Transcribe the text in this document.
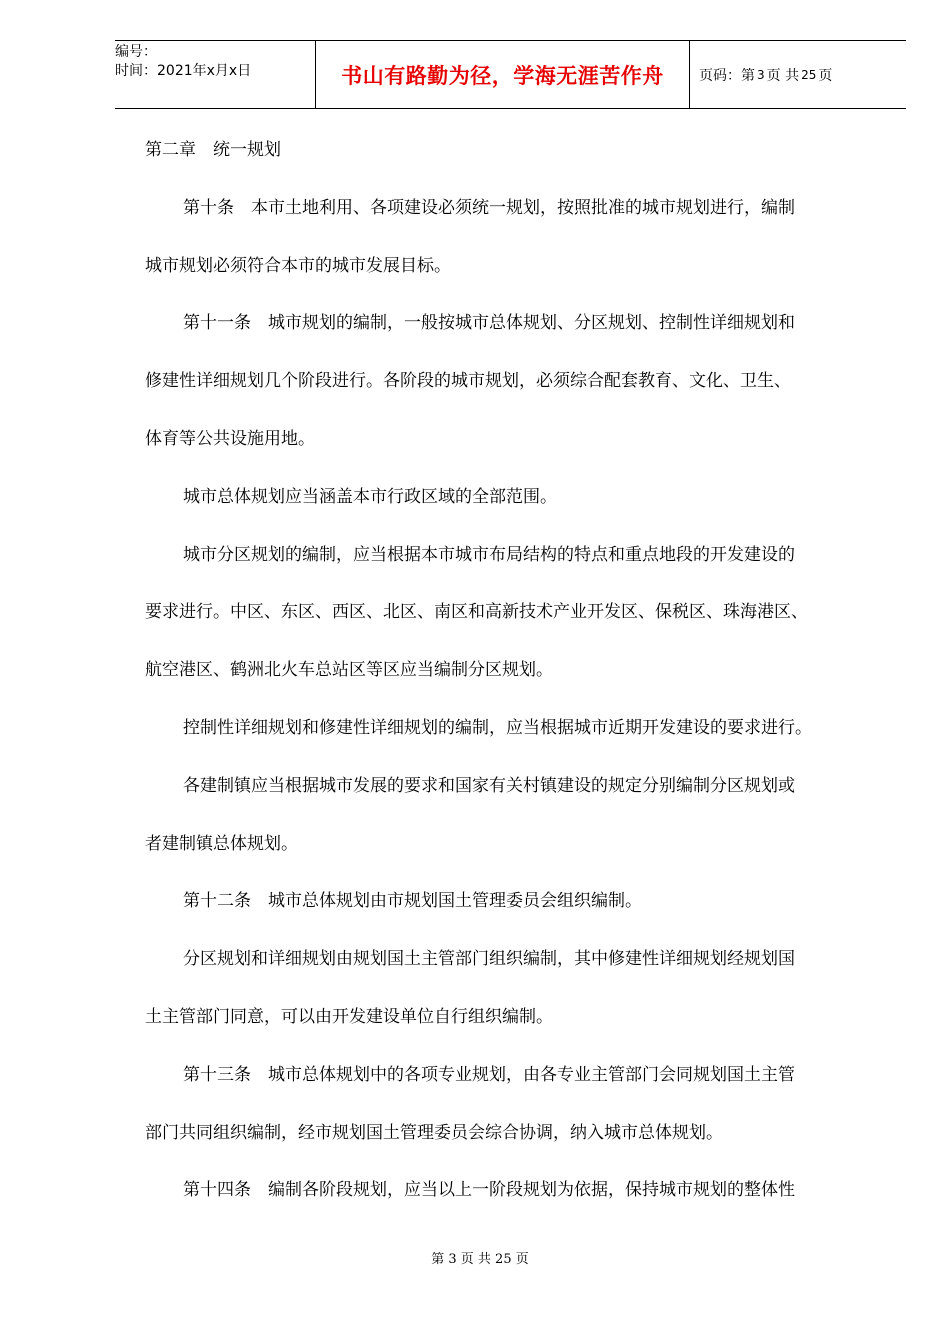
编号：
时间：2021年x月x日	书山有路勤为径，学海无涯苦作舟	页码：第 3 页 共 25 页

第二章　统一规划

第十条　本市土地利用、各项建设必须统一规划，按照批准的城市规划进行，编制

城市规划必须符合本市的城市发展目标。

第十一条　城市规划的编制，一般按城市总体规划、分区规划、控制性详细规划和

修建性详细规划几个阶段进行。各阶段的城市规划，必须综合配套教育、文化、卫生、

体育等公共设施用地。

城市总体规划应当涵盖本市行政区域的全部范围。

城市分区规划的编制，应当根据本市城市布局结构的特点和重点地段的开发建设的

要求进行。中区、东区、西区、北区、南区和高新技术产业开发区、保税区、珠海港区、

航空港区、鹤洲北火车总站区等区应当编制分区规划。

控制性详细规划和修建性详细规划的编制，应当根据城市近期开发建设的要求进行。

各建制镇应当根据城市发展的要求和国家有关村镇建设的规定分别编制分区规划或

者建制镇总体规划。

第十二条　城市总体规划由市规划国土管理委员会组织编制。

分区规划和详细规划由规划国土主管部门组织编制，其中修建性详细规划经规划国

土主管部门同意，可以由开发建设单位自行组织编制。

第十三条　城市总体规划中的各项专业规划，由各专业主管部门会同规划国土主管

部门共同组织编制，经市规划国土管理委员会综合协调，纳入城市总体规划。

第十四条　编制各阶段规划，应当以上一阶段规划为依据，保持城市规划的整体性

第 3 页 共 25 页
